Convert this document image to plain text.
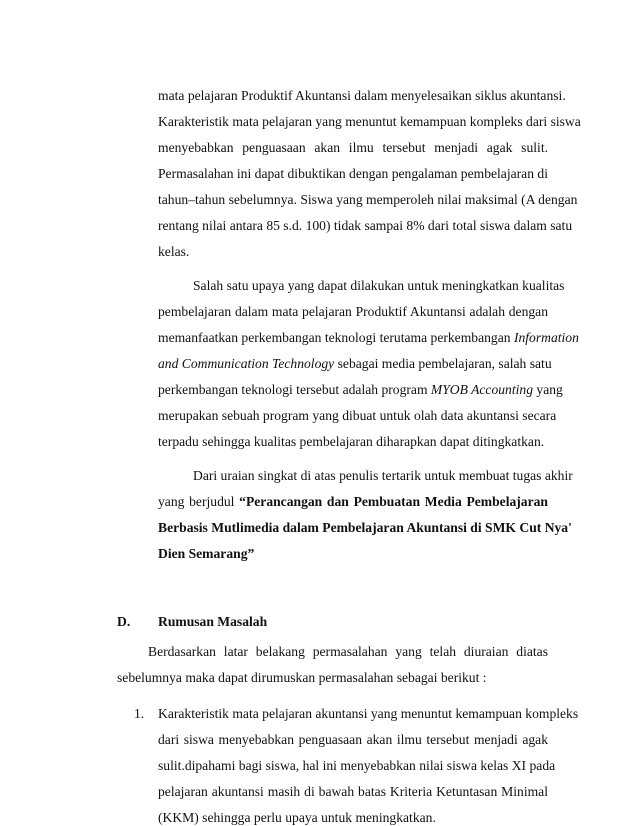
mata pelajaran Produktif Akuntansi dalam menyelesaikan siklus akuntansi.
Karakteristik mata pelajaran yang menuntut kemampuan kompleks dari siswa
menyebabkan penguasaan akan ilmu tersebut menjadi agak sulit.
Permasalahan ini dapat dibuktikan dengan pengalaman pembelajaran di
tahun–tahun sebelumnya. Siswa yang memperoleh nilai maksimal (A dengan
rentang nilai antara 85 s.d. 100) tidak sampai 8% dari total siswa dalam satu
kelas.
Salah satu upaya yang dapat dilakukan untuk meningkatkan kualitas
pembelajaran dalam mata pelajaran Produktif Akuntansi adalah dengan
memanfaatkan perkembangan teknologi terutama perkembangan Information
and Communication Technology sebagai media pembelajaran, salah satu
perkembangan teknologi tersebut adalah program MYOB Accounting yang
merupakan sebuah program yang dibuat untuk olah data akuntansi secara
terpadu sehingga kualitas pembelajaran diharapkan dapat ditingkatkan.
Dari uraian singkat di atas penulis tertarik untuk membuat tugas akhir
yang berjudul “Perancangan dan Pembuatan Media Pembelajaran
Berbasis Mutlimedia dalam Pembelajaran Akuntansi di SMK Cut Nya'
Dien Semarang”
D. Rumusan Masalah
Berdasarkan latar belakang permasalahan yang telah diuraian diatas
sebelumnya maka dapat dirumuskan permasalahan sebagai berikut :
1. Karakteristik mata pelajaran akuntansi yang menuntut kemampuan kompleks
dari siswa menyebabkan penguasaan akan ilmu tersebut menjadi agak
sulit.dipahami bagi siswa, hal ini menyebabkan nilai siswa kelas XI pada
pelajaran akuntansi masih di bawah batas Kriteria Ketuntasan Minimal
(KKM) sehingga perlu upaya untuk meningkatkan.
